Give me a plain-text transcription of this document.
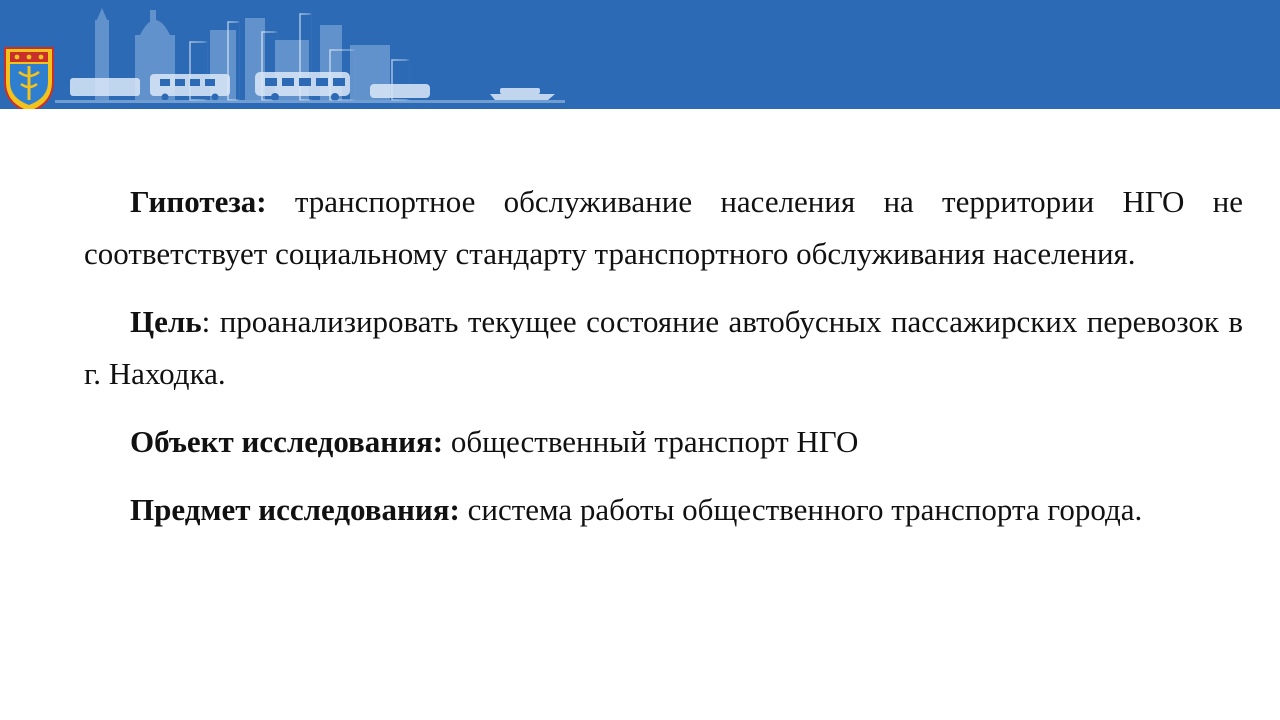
Гипотеза: транспортное обслуживание населения на территории НГО не соответствует социальному стандарту транспортного обслуживания населения.

Цель: проанализировать текущее состояние автобусных пассажирских перевозок в г. Находка.

Объект исследования: общественный транспорт НГО

Предмет исследования: система работы общественного транспорта города.
